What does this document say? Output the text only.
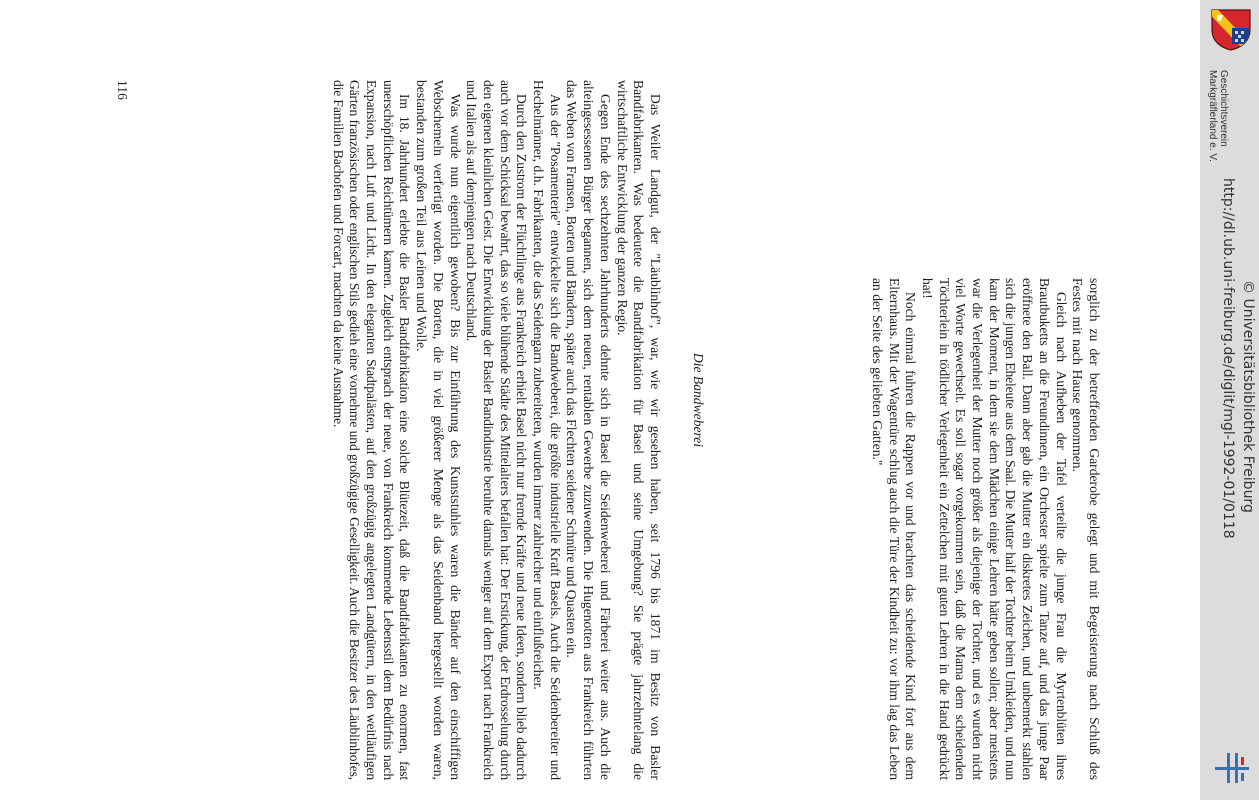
sorglich zu der betreffenden Garderobe gelegt und mit Begeisterung nach Schluß des Festes mit nach Hause genommen.

Gleich nach Aufheben der Tafel verteilte die junge Frau die Myrtenblüten ihres Brautbuketts an die Freundinnen, ein Orchester spielte zum Tanze auf, und das junge Paar eröffnete den Ball. Dann aber gab die Mutter ein diskretes Zeichen, und unbemerkt stahlen sich die jungen Eheleute aus dem Saal. Die Mutter half der Tochter beim Umkleiden, und nun kam der Moment, in dem sie dem Mädchen einige Lehren hätte geben sollen; aber meistens war die Verlegenheit der Mutter noch größer als diejenige der Tochter, und es wurden nicht viel Worte gewechselt. Es soll sogar vorgekommen sein, daß die Mama dem scheidenden Töchterlein in tödlicher Verlegenheit ein Zettelchen mit guten Lehren in die Hand gedrückt hat!

Noch einmal fuhren die Rappen vor und brachten das scheidende Kind fort aus dem Elternhaus. Mit der Wagentüre schlug auch die Türe der Kindheit zu: vor ihm lag das Leben an der Seite des geliebten Gatten."

Die Bandweberei

Das Weiler Landgut, der "Läublinhof", war, wie wir gesehen haben, seit 1796 bis 1871 im Besitz von Basler Bandfabrikanten. Was bedeutete die Bandfabrikation für Basel und seine Umgebung? Sie prägte jahrzehntelang die wirtschaftliche Entwicklung der ganzen Regio.

Gegen Ende des sechzehnten Jahrhunderts dehnte sich in Basel die Seidenweberei und Färberei weiter aus. Auch die alteingesessenen Bürger begannen, sich dem neuen, rentablen Gewerbe zuzuwenden. Die Hugenotten aus Frankreich führten das Weben von Fransen, Borten und Bändern, später auch das Flechten seidener Schnüre und Quasten ein.

Aus der "Posamenterie" entwickelte sich die Bandweberei, die größte industrielle Kraft Basels. Auch die Seidenbereiter und Hechelmänner, d.h. Fabrikanten, die das Seidengarn zubereiteten, wurden immer zahlreicher und einflußreicher.

Durch den Zustrom der Flüchtlinge aus Frankreich erhielt Basel nicht nur fremde Kräfte und neue Ideen, sondern blieb dadurch auch vor dem Schicksal bewahrt, das so viele blühende Städte des Mittelalters befallen hat: Der Erstickung, der Erdrosselung durch den eigenen kleinlichen Geist. Die Entwicklung der Basler Bandindustrie beruhte damals weniger auf dem Export nach Frankreich und Italien als auf demjenigen nach Deutschland.

Was wurde nun eigentlich gewoben? Bis zur Einführung des Kunststuhles waren die Bänder auf den einschiffigen Webschemeln verfertigt worden. Die Borten, die in viel größerer Menge als das Seidenband hergestellt worden waren, bestanden zum großen Teil aus Leinen und Wolle.

Im 18. Jahrhundert erlebte die Basler Bandfabrikation eine solche Blütezeit, daß die Bandfabrikanten zu enormen, fast unerschöpflichen Reichtümern kamen. Zugleich entsprach der neue, von Frankreich kommende Lebensstil dem Bedürfnis nach Expansion, nach Luft und Licht. In den eleganten Stadtpalästen, auf den großzügig angelegten Landgütern, in den weitläufigen Gärten französischen oder englischen Stils gedieh eine vornehme und großzügige Geselligkeit. Auch die Besitzer des Läublinhofes, die Familien Bachofen und Forcart, machten da keine Ausnahme.

116	Geschichtsverein
Markgräflerland e. V.
http://dl.ub.uni-freiburg.de/diglit/mgl-1992-01/0118 © Universitätsbibliothek Freiburg
